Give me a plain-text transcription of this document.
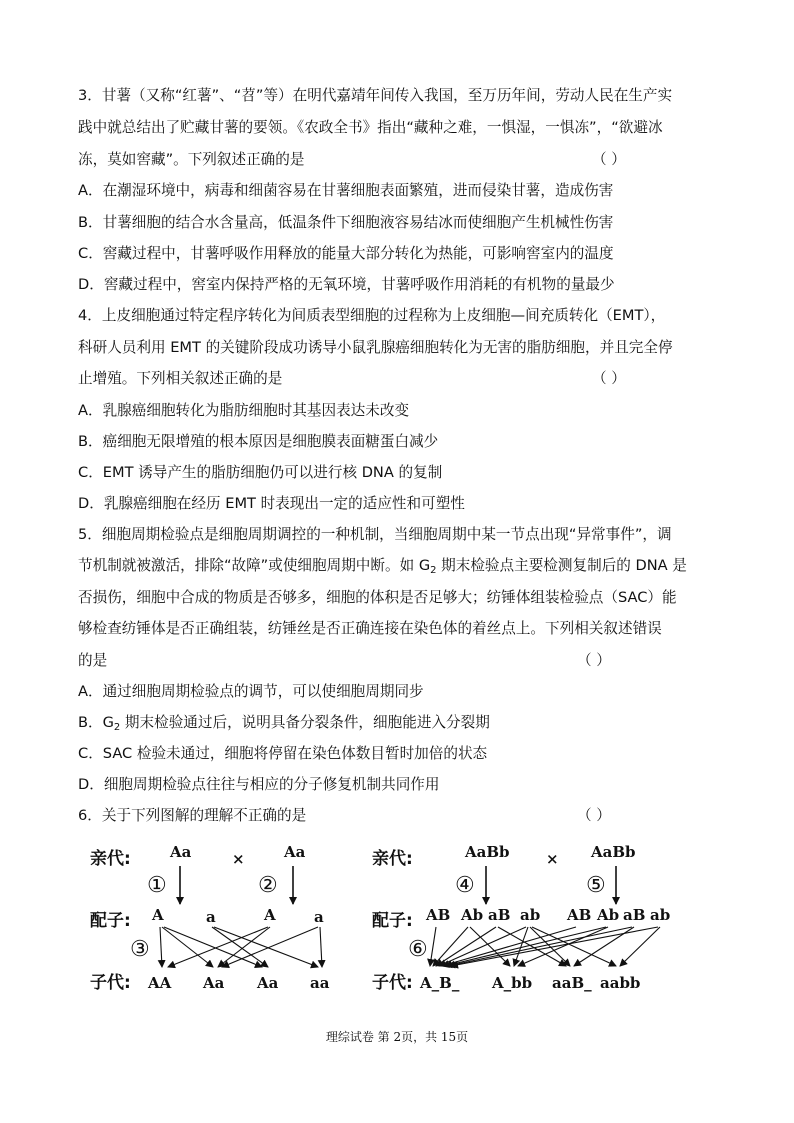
3．甘薯（又称“红薯”、“苕”等）在明代嘉靖年间传入我国，至万历年间，劳动人民在生产实
践中就总结出了贮藏甘薯的要领。《农政全书》指出“藏种之难，一惧湿，一惧冻”，“欲避冰
冻，莫如窖藏”。下列叙述正确的是	（ ）
A．在潮湿环境中，病毒和细菌容易在甘薯细胞表面繁殖，进而侵染甘薯，造成伤害
B．甘薯细胞的结合水含量高，低温条件下细胞液容易结冰而使细胞产生机械性伤害
C．窖藏过程中，甘薯呼吸作用释放的能量大部分转化为热能，可影响窖室内的温度
D．窖藏过程中，窖室内保持严格的无氧环境，甘薯呼吸作用消耗的有机物的量最少
4．上皮细胞通过特定程序转化为间质表型细胞的过程称为上皮细胞—间充质转化（EMT），
科研人员利用 EMT 的关键阶段成功诱导小鼠乳腺癌细胞转化为无害的脂肪细胞，并且完全停
止增殖。下列相关叙述正确的是	（ ）
A．乳腺癌细胞转化为脂肪细胞时其基因表达未改变
B．癌细胞无限增殖的根本原因是细胞膜表面糖蛋白减少
C．EMT 诱导产生的脂肪细胞仍可以进行核 DNA 的复制
D．乳腺癌细胞在经历 EMT 时表现出一定的适应性和可塑性
5．细胞周期检验点是细胞周期调控的一种机制，当细胞周期中某一节点出现“异常事件”，调
节机制就被激活，排除“故障”或使细胞周期中断。如 $G_2$ 期末检验点主要检测复制后的 DNA 是
否损伤，细胞中合成的物质是否够多，细胞的体积是否足够大；纺锤体组装检验点（SAC）能
够检查纺锤体是否正确组装，纺锤丝是否正确连接在染色体的着丝点上。下列相关叙述错误
的是	（ ）
A．通过细胞周期检验点的调节，可以使细胞周期同步
B．$G_2$ 期末检验通过后，说明具备分裂条件，细胞能进入分裂期
C．SAC 检验未通过，细胞将停留在染色体数目暂时加倍的状态
D．细胞周期检验点往往与相应的分子修复机制共同作用
6．关于下列图解的理解不正确的是	（ ）
亲代:	Aa	×	Aa
①	②
配子: A	a	A	a
③
子代: AA Aa Aa aa
亲代:	AaBb × AaBb
④	⑤
配子: AB Ab aB ab AB Ab aB ab
⑥
子代: A_B_ A_bb aaB_ aabb
理综试卷 第 2页，共 15页
